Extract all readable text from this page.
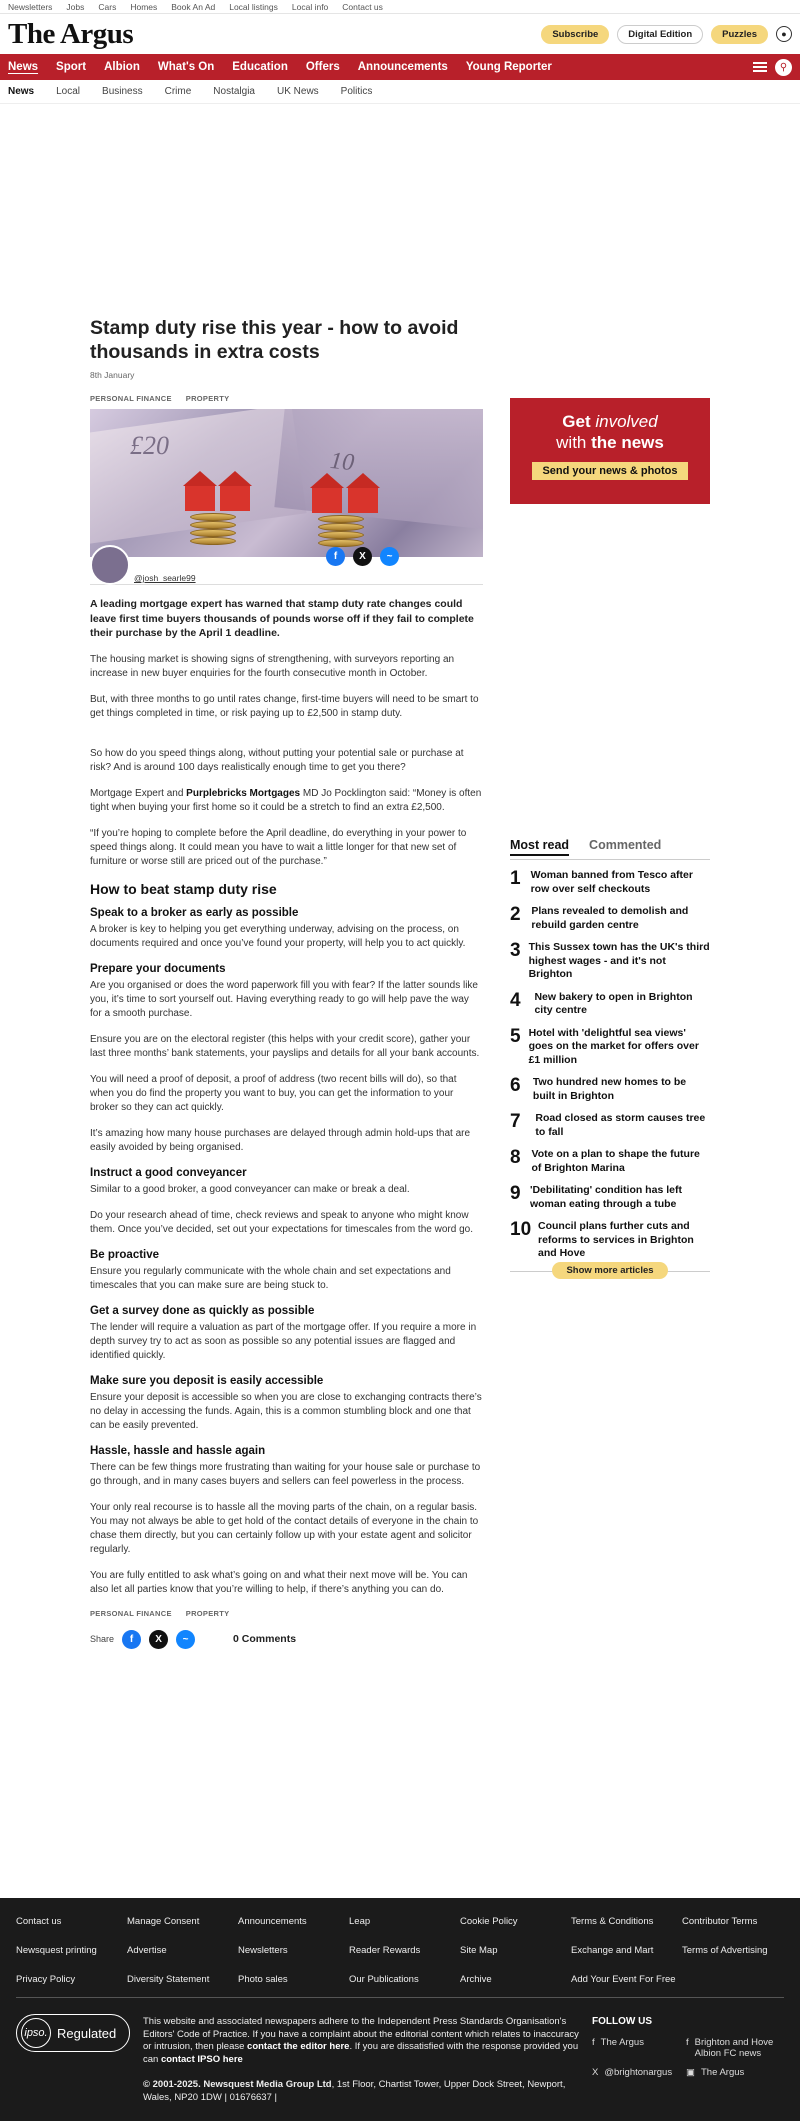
Newsletters Jobs Cars Homes Book An Ad Local listings Local info Contact us
The Argus	Subscribe	Digital Edition	Puzzles	●
News Sport Albion What's On Education Offers Announcements Young Reporter	⚲
News Local Business Crime Nostalgia UK News Politics
Stamp duty rise this year - how to avoid thousands in extra costs
8th January
PERSONAL FINANCE PROPERTY
£20
10
@josh_searle99
f	X	~

A leading mortgage expert has warned that stamp duty rate changes could leave first time buyers thousands of pounds worse off if they fail to complete their purchase by the April 1 deadline.

The housing market is showing signs of strengthening, with surveyors reporting an increase in new buyer enquiries for the fourth consecutive month in October.

But, with three months to go until rates change, first-time buyers will need to be smart to get things completed in time, or risk paying up to £2,500 in stamp duty.

So how do you speed things along, without putting your potential sale or purchase at risk? And is around 100 days realistically enough time to get you there?

Mortgage Expert and Purplebricks Mortgages MD Jo Pocklington said: “Money is often tight when buying your first home so it could be a stretch to find an extra £2,500.

“If you’re hoping to complete before the April deadline, do everything in your power to speed things along. It could mean you have to wait a little longer for that new set of furniture or worse still are priced out of the purchase.”

How to beat stamp duty rise
Speak to a broker as early as possible

A broker is key to helping you get everything underway, advising on the process, on documents required and once you’ve found your property, will help you to act quickly.

Prepare your documents

Are you organised or does the word paperwork fill you with fear? If the latter sounds like you, it’s time to sort yourself out. Having everything ready to go will help pave the way for a smooth purchase.

Ensure you are on the electoral register (this helps with your credit score), gather your last three months’ bank statements, your payslips and details for all your bank accounts.

You will need a proof of deposit, a proof of address (two recent bills will do), so that when you do find the property you want to buy, you can get the information to your broker so they can act quickly.

It’s amazing how many house purchases are delayed through admin hold-ups that are easily avoided by being organised.

Instruct a good conveyancer

Similar to a good broker, a good conveyancer can make or break a deal.

Do your research ahead of time, check reviews and speak to anyone who might know them. Once you’ve decided, set out your expectations for timescales from the word go.

Be proactive

Ensure you regularly communicate with the whole chain and set expectations and timescales that you can make sure are being stuck to.

Get a survey done as quickly as possible

The lender will require a valuation as part of the mortgage offer. If you require a more in depth survey try to act as soon as possible so any potential issues are flagged and identified quickly.

Make sure you deposit is easily accessible

Ensure your deposit is accessible so when you are close to exchanging contracts there’s no delay in accessing the funds. Again, this is a common stumbling block and one that can be easily prevented.

Hassle, hassle and hassle again

There can be few things more frustrating than waiting for your house sale or purchase to go through, and in many cases buyers and sellers can feel powerless in the process.

Your only real recourse is to hassle all the moving parts of the chain, on a regular basis. You may not always be able to get hold of the contact details of everyone in the chain to chase them directly, but you can certainly follow up with your estate agent and solicitor regularly.

You are fully entitled to ask what’s going on and what their next move will be. You can also let all parties know that you’re willing to help, if there’s anything you can do.

PERSONAL FINANCE PROPERTY
Share	f	X	~	0 Comments
Get involved
with the news
Send your news & photos
Most read Commented
1 Woman banned from Tesco after row over self checkouts
2 Plans revealed to demolish and rebuild garden centre
3 This Sussex town has the UK's third highest wages - and it's not Brighton
4	New bakery to open in Brighton city centre
5 Hotel with 'delightful sea views' goes on the market for offers over £1 million
6	Two hundred new homes to be built in Brighton
7	Road closed as storm causes tree to fall
8 Vote on a plan to shape the future of Brighton Marina
9 'Debilitating' condition has left woman eating through a tube
10 Council plans further cuts and reforms to services in Brighton and Hove
Show more articles
Contact us	Manage Consent	Announcements	Leap	Cookie Policy	Terms & Conditions	Contributor Terms
Newsquest printing	Advertise	Newsletters	Reader Rewards	Site Map	Exchange and Mart	Terms of Advertising
Privacy Policy	Diversity Statement	Photo sales	Our Publications	Archive	Add Your Event For Free
ipso. Regulated
This website and associated newspapers adhere to the Independent Press Standards Organisation's Editors' Code of Practice. If you have a complaint about the editorial content which relates to inaccuracy or intrusion, then please contact the editor here. If you are dissatisfied with the response provided you can contact IPSO here
© 2001-2025. Newsquest Media Group Ltd, 1st Floor, Chartist Tower, Upper Dock Street, Newport, Wales, NP20 1DW | 01676637 |
FOLLOW US
f The Argus	f Brighton and Hove Albion FC news
X @brightonargus ▣ The Argus
